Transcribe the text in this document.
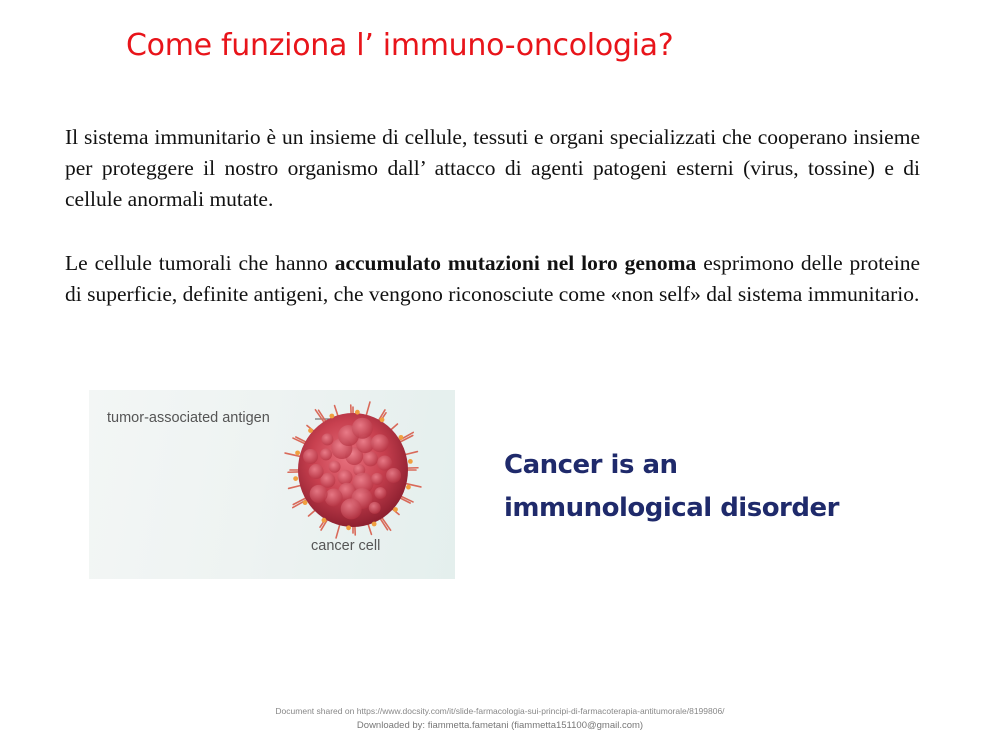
Come funziona l’ immuno-oncologia?

Il sistema immunitario è un insieme di cellule, tessuti e organi specializzati che cooperano insieme per proteggere il nostro organismo dall’ attacco di agenti patogeni esterni (virus, tossine) e di cellule anormali mutate.

Le cellule tumorali che hanno accumulato mutazioni nel loro genoma esprimono delle proteine di superficie, definite antigeni, che vengono riconosciute come «non self» dal sistema immunitario.

tumor-associated antigen
cancer cell
Cancer is an
immunological disorder
Document shared on https://www.docsity.com/it/slide-farmacologia-sui-principi-di-farmacoterapia-antitumorale/8199806/
Downloaded by: fiammetta.fametani (fiammetta151100@gmail.com)
